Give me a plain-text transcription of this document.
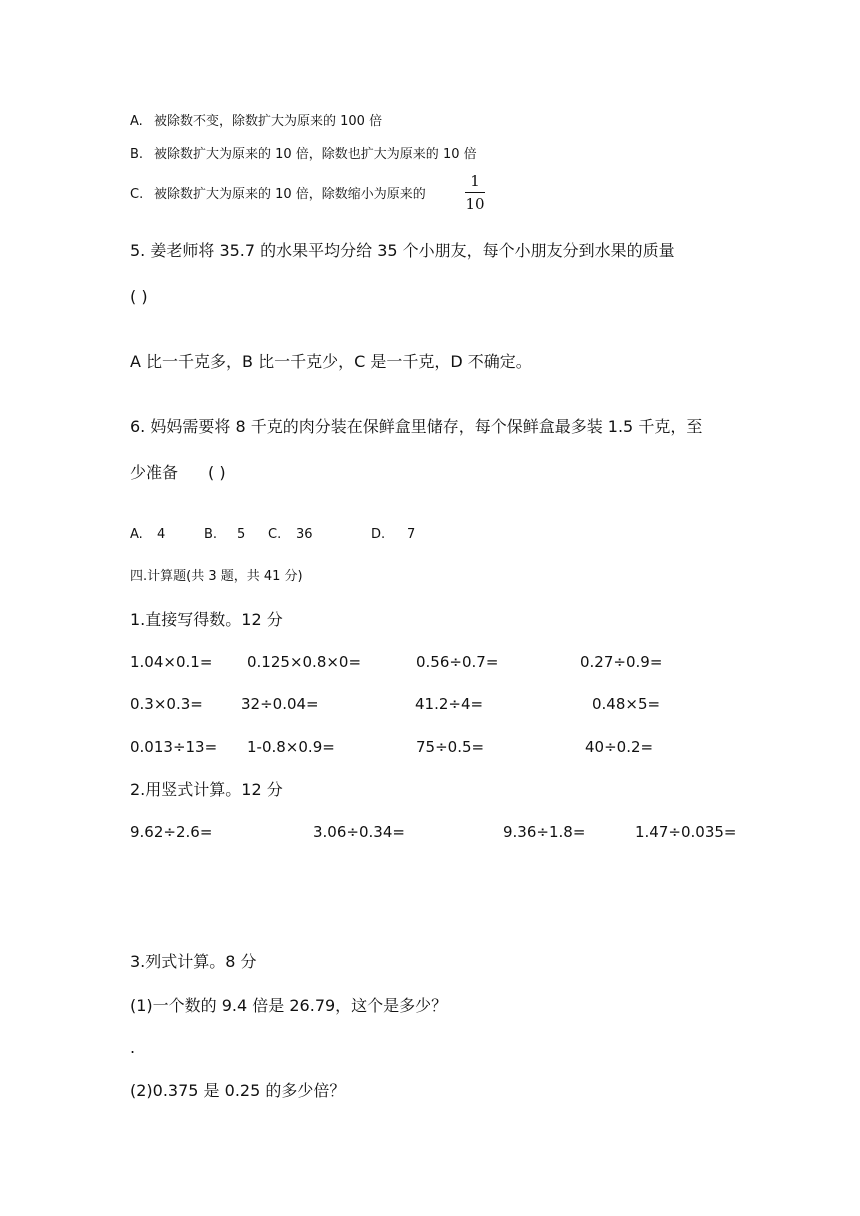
A. 被除数不变，除数扩大为原来的 100 倍
B. 被除数扩大为原来的 10 倍，除数也扩大为原来的 10 倍
C. 被除数扩大为原来的 10 倍，除数缩小为原来的
1
10
5. 姜老师将 35.7 的水果平均分给 35 个小朋友，每个小朋友分到水果的质量
( )
A 比一千克多，B 比一千克少，C 是一千克，D 不确定。
6. 妈妈需要将 8 千克的肉分装在保鲜盒里储存，每个保鲜盒最多装 1.5 千克，至
少准备 ( )
A. 4	B. 5 C. 36	D. 7
四.计算题(共 3 题，共 41 分)
1.直接写得数。12 分
1.04×0.1= 0.125×0.8×0=	0.56÷0.7=	0.27÷0.9=
0.3×0.3=	32÷0.04=	41.2÷4=	0.48×5=
0.013÷13= 1-0.8×0.9=	75÷0.5=	40÷0.2=
2.用竖式计算。12 分
9.62÷2.6=	3.06÷0.34=	9.36÷1.8=	1.47÷0.035=
3.列式计算。8 分
(1)一个数的 9.4 倍是 26.79，这个是多少？
.
(2)0.375 是 0.25 的多少倍？
